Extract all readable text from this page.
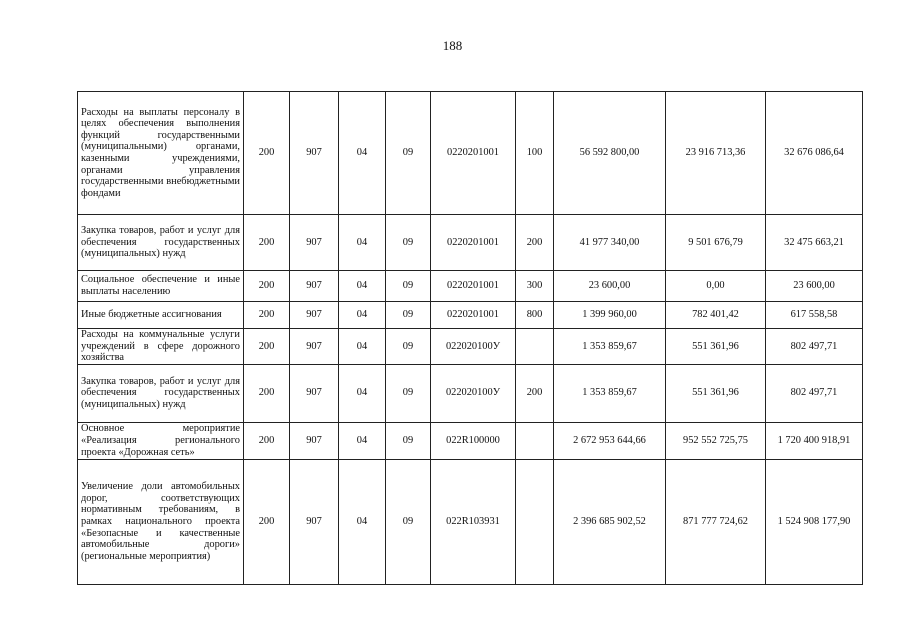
188
Расходы на выплаты персоналу в целях обеспечения выполнения функций государственными (муниципальными) органами, казенными учреждениями, органами управления государственными внебюджетными фондами	200	907	04	09	0220201001	100	56 592 800,00	23 916 713,36	32 676 086,64
Закупка товаров, работ и услуг для обеспечения государственных (муниципальных) нужд	200	907	04	09	0220201001	200	41 977 340,00	9 501 676,79	32 475 663,21
Социальное обеспечение и иные выплаты населению	200	907	04	09	0220201001	300	23 600,00	0,00	23 600,00
Иные бюджетные ассигнования	200	907	04	09	0220201001	800	1 399 960,00	782 401,42	617 558,58
Расходы на коммунальные услуги учреждений в сфере дорожного хозяйства	200	907	04	09	022020100У		1 353 859,67	551 361,96	802 497,71
Закупка товаров, работ и услуг для обеспечения государственных (муниципальных) нужд	200	907	04	09	022020100У	200	1 353 859,67	551 361,96	802 497,71
Основное мероприятие «Реализация регионального проекта «Дорожная сеть»	200	907	04	09	022R100000		2 672 953 644,66	952 552 725,75	1 720 400 918,91
Увеличение доли автомобильных дорог, соответствующих нормативным требованиям, в рамках национального проекта «Безопасные и качественные автомобильные дороги» (региональные мероприятия)	200	907	04	09	022R103931		2 396 685 902,52	871 777 724,62	1 524 908 177,90
